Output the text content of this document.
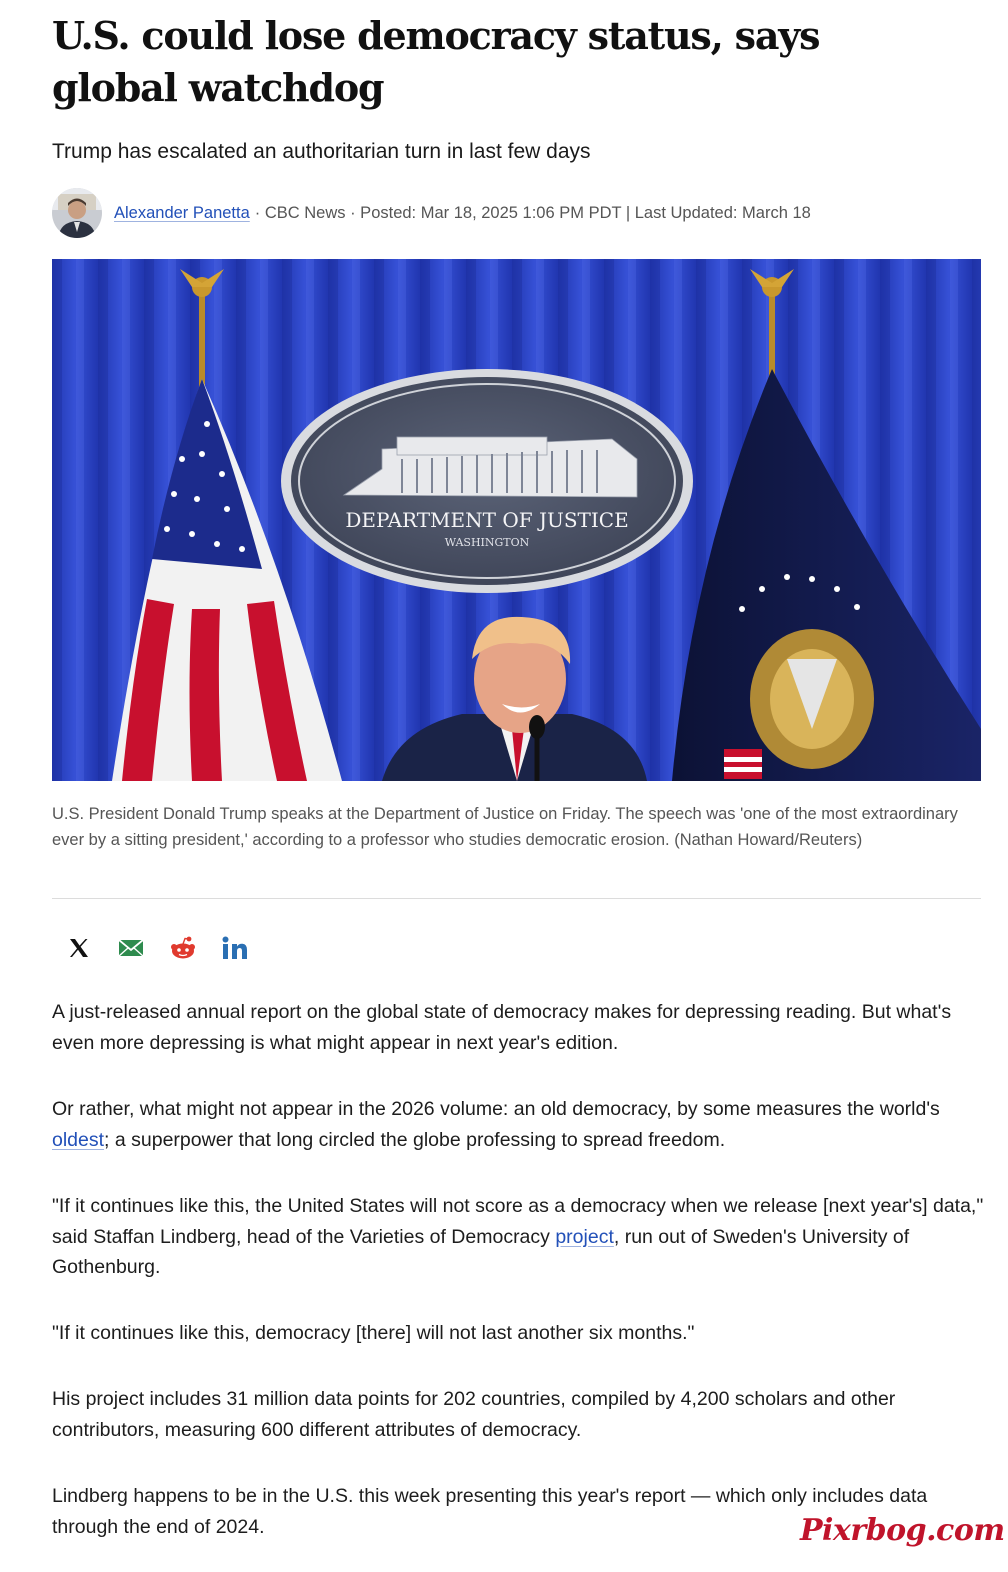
U.S. could lose democracy status, says global watchdog

Trump has escalated an authoritarian turn in last few days

Alexander Panetta · CBC News · Posted: Mar 18, 2025 1:06 PM PDT | Last Updated: March 18
DEPARTMENT OF JUSTICE
WASHINGTON

U.S. President Donald Trump speaks at the Department of Justice on Friday. The speech was 'one of the most extraordinary ever by a sitting president,' according to a professor who studies democratic erosion. (Nathan Howard/Reuters)

A just-released annual report on the global state of democracy makes for depressing reading. But what's even more depressing is what might appear in next year's edition.

Or rather, what might not appear in the 2026 volume: an old democracy, by some measures the world's oldest; a superpower that long circled the globe professing to spread freedom.

"If it continues like this, the United States will not score as a democracy when we release [next year's] data," said Staffan Lindberg, head of the Varieties of Democracy project, run out of Sweden's University of Gothenburg.

"If it continues like this, democracy [there] will not last another six months."

His project includes 31 million data points for 202 countries, compiled by 4,200 scholars and other contributors, measuring 600 different attributes of democracy.

Lindberg happens to be in the U.S. this week presenting this year's report — which only includes data through the end of 2024.	Pixrbog.com
